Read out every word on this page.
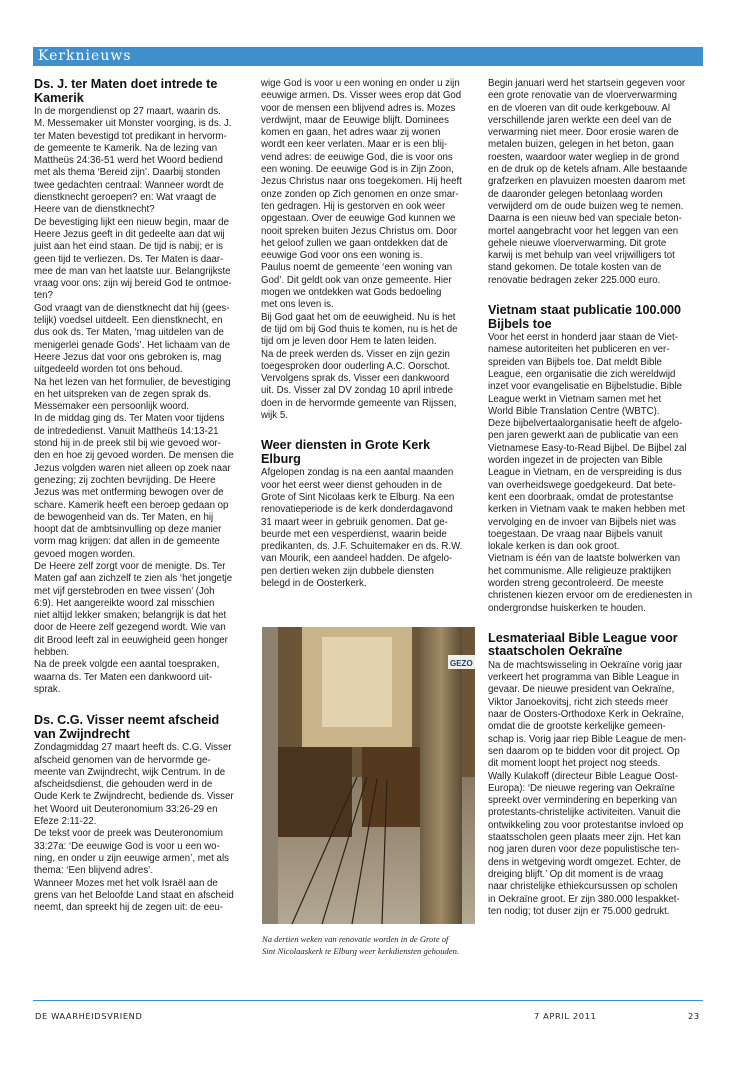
Kerknieuws
Ds. J. ter Maten doet intrede te
Kamerik

In de morgendienst op 27 maart, waarin ds.
M. Messemaker uit Monster voorging, is ds. J.
ter Maten bevestigd tot predikant in hervorm-
de gemeente te Kamerik. Na de lezing van
Mattheüs 24:36-51 werd het Woord bediend
met als thema ‘Bereid zijn’. Daarbij stonden
twee gedachten centraal: Wanneer wordt de
dienstknecht geroepen? en: Wat vraagt de
Heere van de dienstknecht?
De bevestiging lijkt een nieuw begin, maar de
Heere Jezus geeft in dit gedeelte aan dat wij
juist aan het eind staan. De tijd is nabij; er is
geen tijd te verliezen. Ds. Ter Maten is daar-
mee de man van het laatste uur. Belangrijkste
vraag voor ons: zijn wij bereid God te ontmoe-
ten?
God vraagt van de dienstknecht dat hij (gees-
telijk) voedsel uitdeelt. Een dienstknecht, en
dus ook ds. Ter Maten, ‘mag uitdelen van de
menigerlei genade Gods’. Het lichaam van de
Heere Jezus dat voor ons gebroken is, mag
uitgedeeld worden tot ons behoud.
Na het lezen van het formulier, de bevestiging
en het uitspreken van de zegen sprak ds.
Messemaker een persoonlijk woord.
In de middag ging ds. Ter Maten voor tijdens
de intrededienst. Vanuit Mattheüs 14:13-21
stond hij in de preek stil bij wie gevoed wor-
den en hoe zij gevoed worden. De mensen die
Jezus volgden waren niet alleen op zoek naar
genezing; zij zochten bevrijding. De Heere
Jezus was met ontferming bewogen over de
schare. Kamerik heeft een beroep gedaan op
de bewogenheid van ds. Ter Maten, en hij
hoopt dat de ambtsinvulling op deze manier
vorm mag krijgen: dat allen in de gemeente
gevoed mogen worden.
De Heere zelf zorgt voor de menigte. Ds. Ter
Maten gaf aan zichzelf te zien als ‘het jongetje
met vijf gerstebroden en twee vissen’ (Joh
6:9). Het aangereikte woord zal misschien
niet altijd lekker smaken; belangrijk is dat het
door de Heere zelf gezegend wordt. Wie van
dit Brood leeft zal in eeuwigheid geen honger
hebben.
Na de preek volgde een aantal toespraken,
waarna ds. Ter Maten een dankwoord uit-
sprak.

Ds. C.G. Visser neemt afscheid
van Zwijndrecht

Zondagmiddag 27 maart heeft ds. C.G. Visser
afscheid genomen van de hervormde ge-
meente van Zwijndrecht, wijk Centrum. In de
afscheidsdienst, die gehouden werd in de
Oude Kerk te Zwijndrecht, bediende ds. Visser
het Woord uit Deuteronomium 33:26-29 en
Efeze 2:11-22.
De tekst voor de preek was Deuteronomium
33:27a: ‘De eeuwige God is voor u een wo-
ning, en onder u zijn eeuwige armen’, met als
thema: ‘Een blijvend adres’.
Wanneer Mozes met het volk Israël aan de
grens van het Beloofde Land staat en afscheid
neemt, dan spreekt hij de zegen uit: de eeu-

wige God is voor u een woning en onder u zijn
eeuwige armen. Ds. Visser wees erop dat God
voor de mensen een blijvend adres is. Mozes
verdwijnt, maar de Eeuwige blijft. Dominees
komen en gaan, het adres waar zij wonen
wordt een keer verlaten. Maar er is een blij-
vend adres: de eeuwige God, die is voor ons
een woning. De eeuwige God is in Zijn Zoon,
Jezus Christus naar ons toegekomen. Hij heeft
onze zonden op Zich genomen en onze smar-
ten gedragen. Hij is gestorven en ook weer
opgestaan. Over de eeuwige God kunnen we
nooit spreken buiten Jezus Christus om. Door
het geloof zullen we gaan ontdekken dat de
eeuwige God voor ons een woning is.
Paulus noemt de gemeente ‘een woning van
God’. Dit geldt ook van onze gemeente. Hier
mogen we ontdekken wat Gods bedoeling
met ons leven is.
Bij God gaat het om de eeuwigheid. Nu is het
de tijd om bij God thuis te komen, nu is het de
tijd om je leven door Hem te laten leiden.
Na de preek werden ds. Visser en zijn gezin
toegesproken door ouderling A.C. Oorschot.
Vervolgens sprak ds. Visser een dankwoord
uit. Ds. Visser zal DV zondag 10 april intrede
doen in de hervormde gemeente van Rijssen,
wijk 5.

Weer diensten in Grote Kerk
Elburg

Afgelopen zondag is na een aantal maanden
voor het eerst weer dienst gehouden in de
Grote of Sint Nicolaas kerk te Elburg. Na een
renovatieperiode is de kerk donderdagavond
31 maart weer in gebruik genomen. Dat ge-
beurde met een vesperdienst, waarin beide
predikanten, ds. J.F. Schuitemaker en ds. R.W.
van Mourik, een aandeel hadden. De afgelo-
pen dertien weken zijn dubbele diensten
belegd in de Oosterkerk.

GEZO
Na dertien weken van renovatie worden in de Grote of
Sint Nicolaaskerk te Elburg weer kerkdiensten gehouden.

Begin januari werd het startsein gegeven voor
een grote renovatie van de vloerverwarming
en de vloeren van dit oude kerkgebouw. Al
verschillende jaren werkte een deel van de
verwarming niet meer. Door erosie waren de
metalen buizen, gelegen in het beton, gaan
roesten, waardoor water wegliep in de grond
en de druk op de ketels afnam. Alle bestaande
grafzerken en plavuizen moesten daarom met
de daaronder gelegen betonlaag worden
verwijderd om de oude buizen weg te nemen.
Daarna is een nieuw bed van speciale beton-
mortel aangebracht voor het leggen van een
gehele nieuwe vloerverwarming. Dit grote
karwij is met behulp van veel vrijwilligers tot
stand gekomen. De totale kosten van de
renovatie bedragen zeker 225.000 euro.

Vietnam staat publicatie 100.000
Bijbels toe

Voor het eerst in honderd jaar staan de Viet-
namese autoriteiten het publiceren en ver-
spreiden van Bijbels toe. Dat meldt Bible
League, een organisatie die zich wereldwijd
inzet voor evangelisatie en Bijbelstudie. Bible
League werkt in Vietnam samen met het
World Bible Translation Centre (WBTC).
Deze bijbelvertaalorganisatie heeft de afgelo-
pen jaren gewerkt aan de publicatie van een
Vietnamese Easy-to-Read Bijbel. De Bijbel zal
worden ingezet in de projecten van Bible
League in Vietnam, en de verspreiding is dus
van overheidswege goedgekeurd. Dat bete-
kent een doorbraak, omdat de protestantse
kerken in Vietnam vaak te maken hebben met
vervolging en de invoer van Bijbels niet was
toegestaan. De vraag naar Bijbels vanuit
lokale kerken is dan ook groot.
Vietnam is één van de laatste bolwerken van
het communisme. Alle religieuze praktijken
worden streng gecontroleerd. De meeste
christenen kiezen ervoor om de eredienesten in
ondergrondse huiskerken te houden.

Lesmateriaal Bible League voor
staatscholen Oekraïne

Na de machtswisseling in Oekraïne vorig jaar
verkeert het programma van Bible League in
gevaar. De nieuwe president van Oekraïne,
Viktor Janoekovitsj, richt zich steeds meer
naar de Oosters-Orthodoxe Kerk in Oekraïne,
omdat die de grootste kerkelijke gemeen-
schap is. Vorig jaar riep Bible League de men-
sen daarom op te bidden voor dit project. Op
dit moment loopt het project nog steeds.
Wally Kulakoff (directeur Bible League Oost-
Europa): ‘De nieuwe regering van Oekraïne
spreekt over vermindering en beperking van
protestants-christelijke activiteiten. Vanuit die
ontwikkeling zou voor protestantse invloed op
staatsscholen geen plaats meer zijn. Het kan
nog jaren duren voor deze populistische ten-
dens in wetgeving wordt omgezet. Echter, de
dreiging blijft.’ Op dit moment is de vraag
naar christelijke ethiekcursussen op scholen
in Oekraïne groot. Er zijn 380.000 lespakket-
ten nodig; tot duser zijn er 75.000 gedrukt.

DE WAARHEIDSVRIEND	7 APRIL 2011	23
